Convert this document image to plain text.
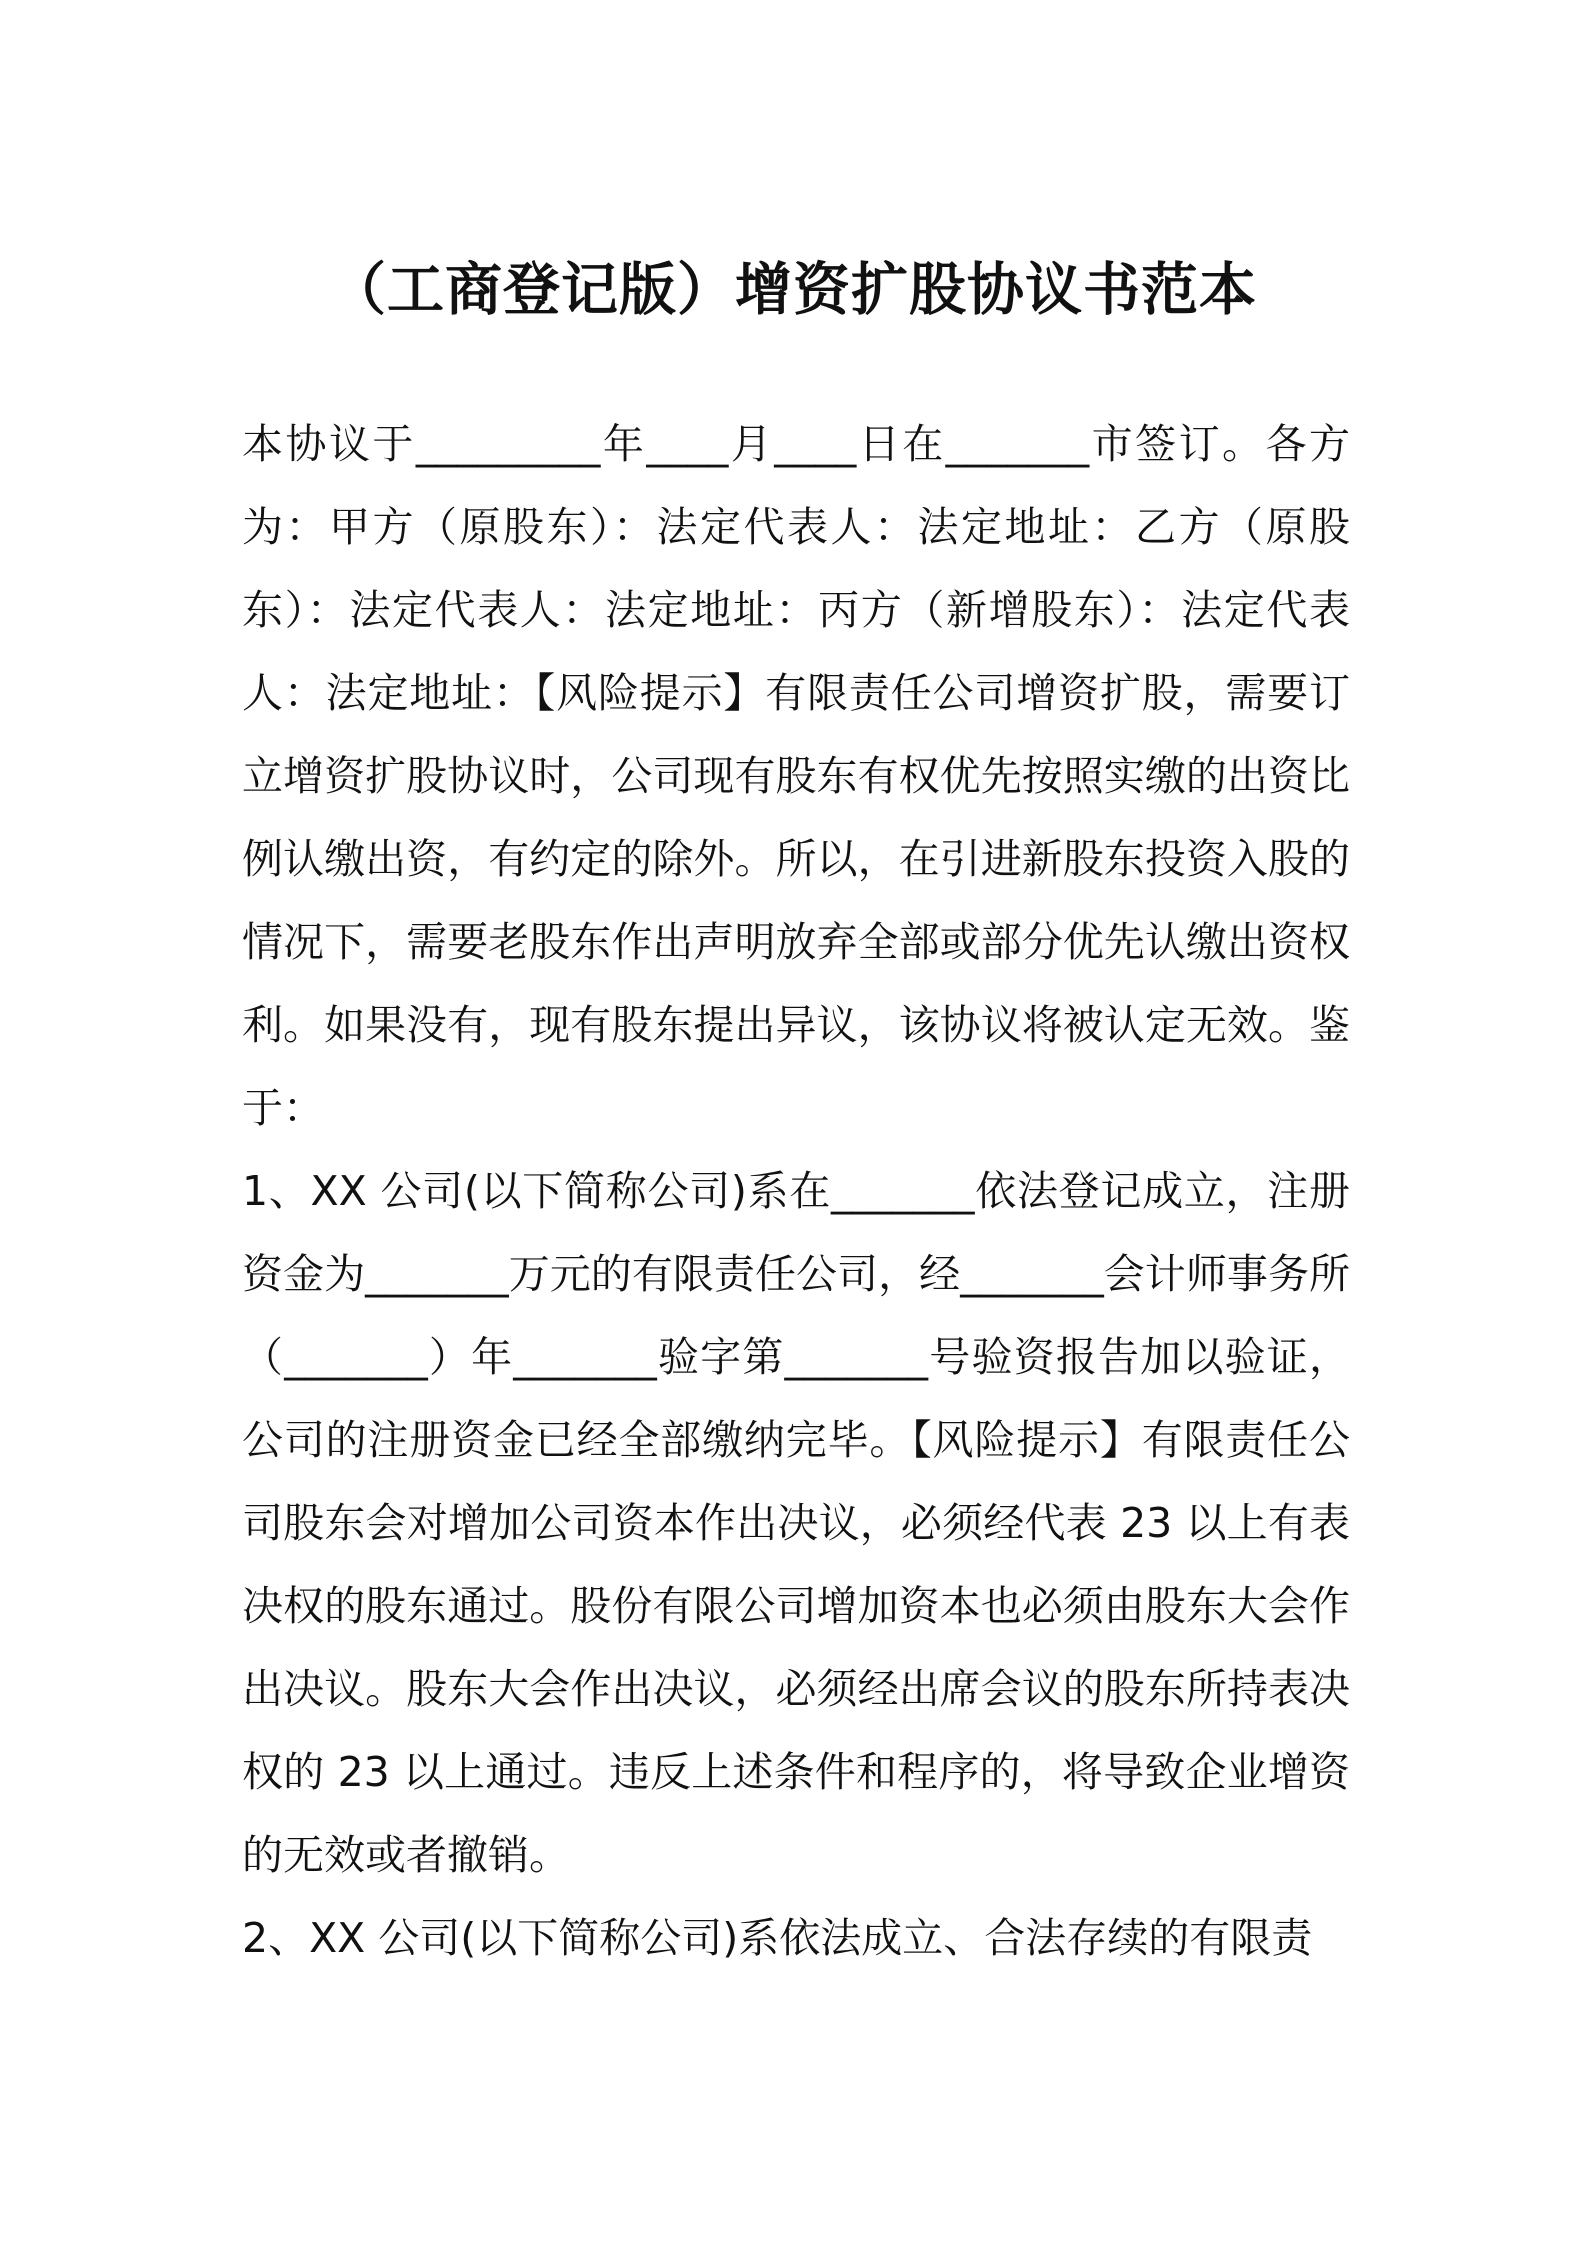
（工商登记版）增资扩股协议书范本

本协议于_________年____月____日在_______市签订。各方为：甲方（原股东）：法定代表人：法定地址：乙方（原股东）：法定代表人：法定地址：丙方（新增股东）：法定代表人：法定地址：【风险提示】有限责任公司增资扩股，需要订立增资扩股协议时，公司现有股东有权优先按照实缴的出资比例认缴出资，有约定的除外。所以，在引进新股东投资入股的情况下，需要老股东作出声明放弃全部或部分优先认缴出资权利。如果没有，现有股东提出异议，该协议将被认定无效。鉴于：

1、XX 公司(以下简称公司)系在_______依法登记成立，注册资金为_______万元的有限责任公司，经_______会计师事务所（_______）年_______验字第_______号验资报告加以验证，公司的注册资金已经全部缴纳完毕。【风险提示】有限责任公司股东会对增加公司资本作出决议，必须经代表 23 以上有表决权的股东通过。股份有限公司增加资本也必须由股东大会作出决议。股东大会作出决议，必须经出席会议的股东所持表决权的 23 以上通过。违反上述条件和程序的，将导致企业增资的无效或者撤销。

2、XX 公司(以下简称公司)系依法成立、合法存续的有限责
